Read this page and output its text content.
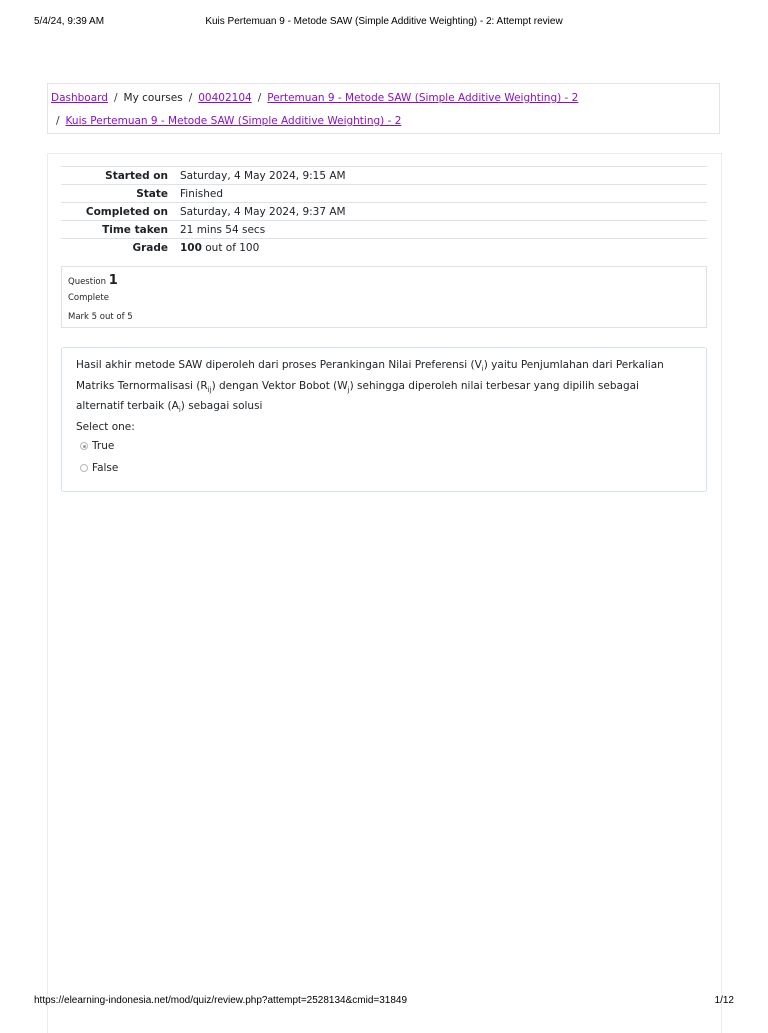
5/4/24, 9:39 AM	Kuis Pertemuan 9 - Metode SAW (Simple Additive Weighting) - 2: Attempt review
Dashboard / My courses / 00402104 / Pertemuan 9 - Metode SAW (Simple Additive Weighting) - 2
/ Kuis Pertemuan 9 - Metode SAW (Simple Additive Weighting) - 2
Started on	Saturday, 4 May 2024, 9:15 AM
State	Finished
Completed on	Saturday, 4 May 2024, 9:37 AM
Time taken	21 mins 54 secs
Grade	100 out of 100
Question 1
Complete
Mark 5 out of 5
Hasil akhir metode SAW diperoleh dari proses Perankingan Nilai Preferensi $(V_i)$ yaitu Penjumlahan dari Perkalian Matriks Ternormalisasi $(R_{ij})$ dengan Vektor Bobot $(W_j)$ sehingga diperoleh nilai terbesar yang dipilih sebagai alternatif terbaik $(A_i)$ sebagai solusi
Select one:
True
False
https://elearning-indonesia.net/mod/quiz/review.php?attempt=2528134&cmid=31849	1/12
